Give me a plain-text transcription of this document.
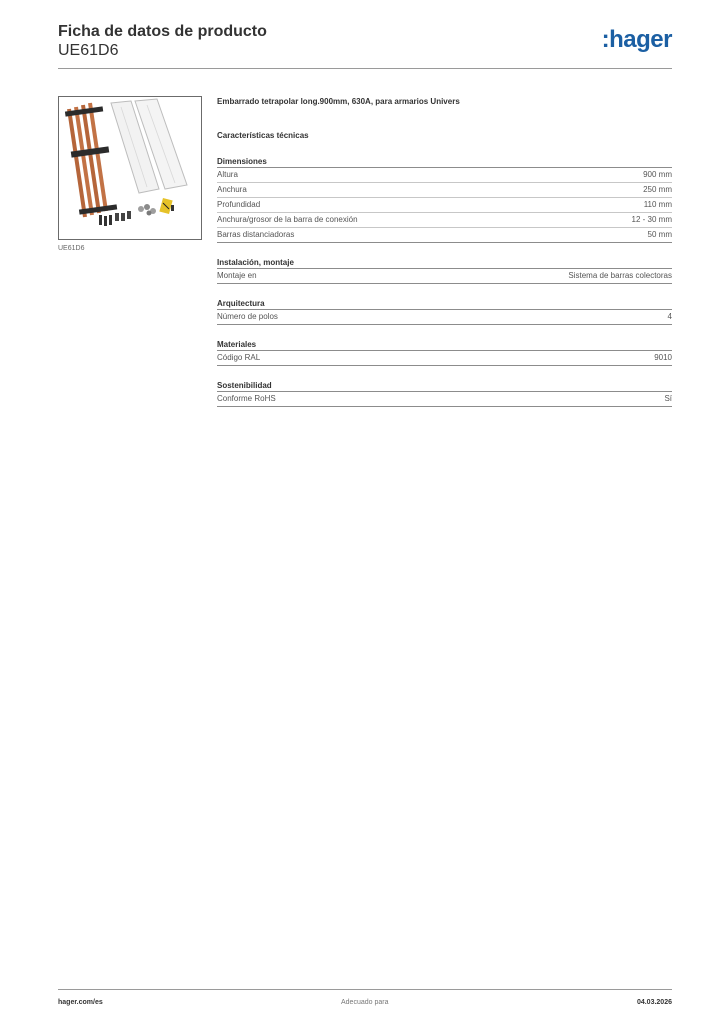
Ficha de datos de producto
UE61D6	:hager
UE61D6
Embarrado tetrapolar long.900mm, 630A, para armarios Univers
Características técnicas
Dimensiones
Altura	900 mm
Anchura	250 mm
Profundidad	110 mm
Anchura/grosor de la barra de conexión	12 - 30 mm
Barras distanciadoras	50 mm
Instalación, montaje
Montaje en	Sistema de barras colectoras
Arquitectura
Número de polos	4
Materiales
Código RAL	9010
Sostenibilidad
Conforme RoHS	Sí
hager.com/es	Adecuado para	04.03.2026
